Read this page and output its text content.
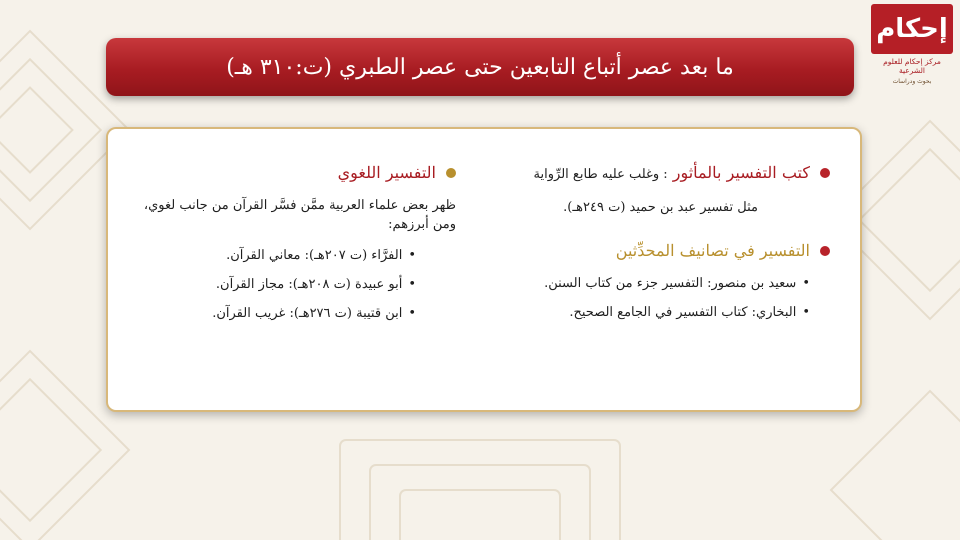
ما بعد عصر أتباع التابعين حتى عصر الطبري (ت:٣١٠ هـ)
إحكام
مركز إحكام للعلوم الشرعية
بحوث ودراسات
كتب التفسير بالمأثور : وغلب عليه طابع الرِّواية
مثل تفسير عبد بن حميد (ت ٢٤٩هـ).
التفسير في تصانيف المحدِّثين
•
سعيد بن منصور: التفسير جزء من كتاب السنن.
•
البخاري: كتاب التفسير في الجامع الصحيح.
التفسير اللغوي
ظهر بعض علماء العربية ممَّن فسَّر القرآن من جانب لغوي،
ومن أبرزهم:
•
الفرَّاء (ت ٢٠٧هـ): معاني القرآن.
•
أبو عبيدة (ت ٢٠٨هـ): مجاز القرآن.
•
ابن قتيبة (ت ٢٧٦هـ): غريب القرآن.
